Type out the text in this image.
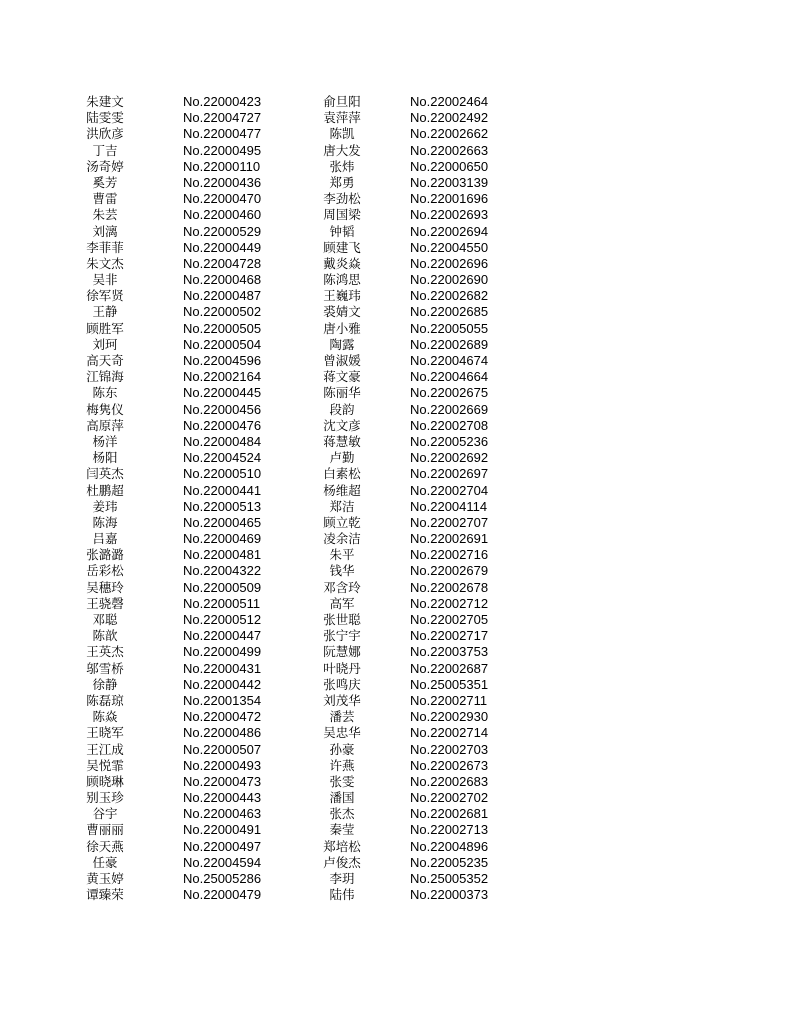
朱建文	No.22000423	俞旦阳	No.22002464
陆雯雯	No.22004727	袁萍萍	No.22002492
洪欣彦	No.22000477	陈凯	No.22002662
丁吉	No.22000495	唐大发	No.22002663
汤奇婷	No.22000110	张炜	No.22000650
奚芳	No.22000436	郑勇	No.22003139
曹雷	No.22000470	李劲松	No.22001696
朱芸	No.22000460	周国梁	No.22002693
刘漓	No.22000529	钟韬	No.22002694
李菲菲	No.22000449	顾建飞	No.22004550
朱文杰	No.22004728	戴炎焱	No.22002696
吴非	No.22000468	陈鸿思	No.22002690
徐军贤	No.22000487	王巍玮	No.22002682
王静	No.22000502	裘婧文	No.22002685
顾胜军	No.22000505	唐小雅	No.22005055
刘珂	No.22000504	陶露	No.22002689
高天奇	No.22004596	曾淑媛	No.22004674
江锦海	No.22002164	蒋文豪	No.22004664
陈东	No.22000445	陈丽华	No.22002675
梅隽仪	No.22000456	段韵	No.22002669
高原萍	No.22000476	沈文彦	No.22002708
杨洋	No.22000484	蒋慧敏	No.22005236
杨阳	No.22004524	卢勤	No.22002692
闫英杰	No.22000510	白素松	No.22002697
杜鹏超	No.22000441	杨维超	No.22002704
姜玮	No.22000513	郑洁	No.22004114
陈海	No.22000465	顾立乾	No.22002707
吕嘉	No.22000469	凌余洁	No.22002691
张潞潞	No.22000481	朱平	No.22002716
岳彩松	No.22004322	钱华	No.22002679
吴穗玲	No.22000509	邓含玲	No.22002678
王骁磬	No.22000511	高军	No.22002712
邓聪	No.22000512	张世聪	No.22002705
陈歆	No.22000447	张宁宇	No.22002717
王英杰	No.22000499	阮慧娜	No.22003753
邬雪桥	No.22000431	叶晓丹	No.22002687
徐静	No.22000442	张鸣庆	No.25005351
陈磊琼	No.22001354	刘茂华	No.22002711
陈焱	No.22000472	潘芸	No.22002930
王晓军	No.22000486	吴忠华	No.22002714
王江成	No.22000507	孙豪	No.22002703
吴悦霏	No.22000493	许燕	No.22002673
顾晓琳	No.22000473	张雯	No.22002683
别玉珍	No.22000443	潘国	No.22002702
谷宇	No.22000463	张杰	No.22002681
曹丽丽	No.22000491	秦莹	No.22002713
徐天燕	No.22000497	郑培松	No.22004896
任豪	No.22004594	卢俊杰	No.22005235
黄玉婷	No.25005286	李玥	No.25005352
谭臻荣	No.22000479	陆伟	No.22000373
